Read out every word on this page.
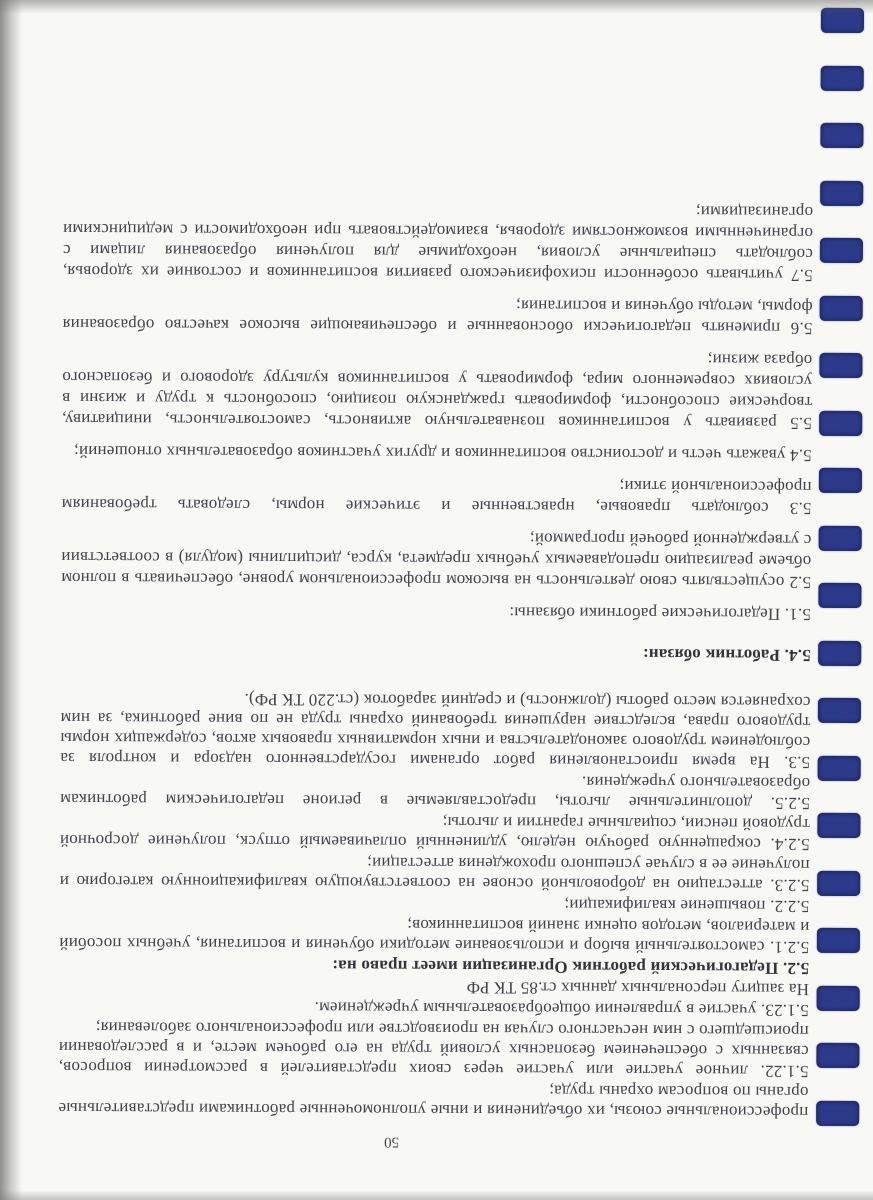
50

профессиональные союзы, их объединения и иные уполномоченные работниками представительные органы по вопросам охраны труда;

5.1.22. личное участие или участие через своих представителей в рассмотрении вопросов, связанных с обеспечением безопасных условий труда на его рабочем месте, и в расследовании происшедшего с ним несчастного случая на производстве или профессионального заболевания;

5.1.23. участие в управлении общеобразовательным учреждением.

На защиту персональных данных ст.85 ТК РФ

5.2. Педагогический работник Организации имеет право на:

5.2.1. самостоятельный выбор и использование методики обучения и воспитания, учебных пособий и материалов, методов оценки знаний воспитанников;

5.2.2. повышение квалификации;

5.2.3. аттестацию на добровольной основе на соответствующую квалификационную категорию и получение ее в случае успешного прохождения аттестации;

5.2.4. сокращенную рабочую неделю, удлиненный оплачиваемый отпуск, получение досрочной трудовой пенсии, социальные гарантии и льготы;

5.2.5. дополнительные льготы, предоставляемые в регионе педагогическим работникам образовательного учреждения.

5.3. На время приостановления работ органами государственного надзора и контроля за соблюдением трудового законодательства и иных нормативных правовых актов, содержащих нормы трудового права, вследствие нарушения требований охраны труда не по вине работника, за ним сохраняется место работы (должность) и средний заработок (ст.220 ТК РФ).

5.4. Работник обязан:

5.1. Педагогические работники обязаны:

5.2 осуществлять свою деятельность на высоком профессиональном уровне, обеспечивать в полном объеме реализацию преподаваемых учебных предмета, курса, дисциплины (модуля) в соответствии с утвержденной рабочей программой;

5.3 соблюдать правовые, нравственные и этические нормы, следовать требованиям профессиональной этики;

5.4 уважать честь и достоинство воспитанников и других участников образовательных отношений;

5.5 развивать у воспитанников познавательную активность, самостоятельность, инициативу, творческие способности, формировать гражданскую позицию, способность к труду и жизни в условиях современного мира, формировать у воспитанников культуру здорового и безопасного образа жизни;

5.6 применять педагогически обоснованные и обеспечивающие высокое качество образования формы, методы обучения и воспитания;

5.7 учитывать особенности психофизического развития воспитанников и состояние их здоровья, соблюдать специальные условия, необходимые для получения образования лицами с ограниченными возможностями здоровья, взаимодействовать при необходимости с медицинскими организациями;
